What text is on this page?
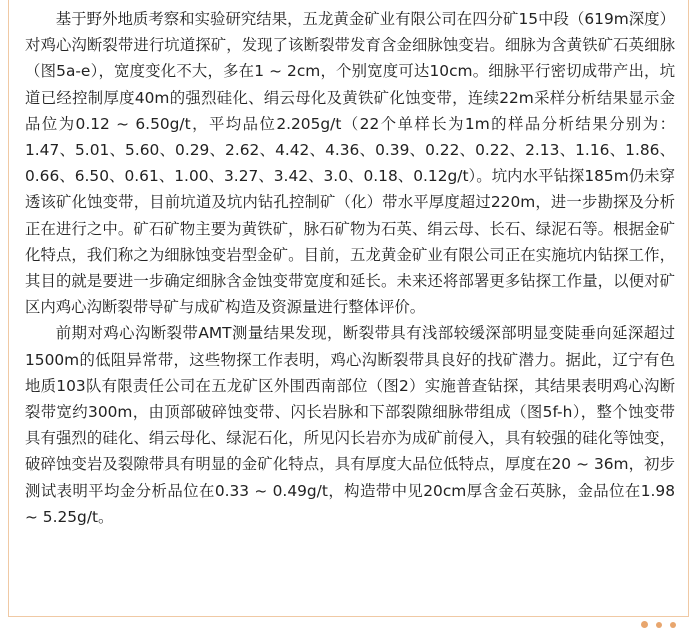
基于野外地质考察和实验研究结果，五龙黄金矿业有限公司在四分矿15中段（619m深度）对鸡心沟断裂带进行坑道探矿，发现了该断裂带发育含金细脉蚀变岩。细脉为含黄铁矿石英细脉（图5a-e），宽度变化不大，多在1 ~ 2cm，个别宽度可达10cm。细脉平行密切成带产出，坑道已经控制厚度40m的强烈硅化、绢云母化及黄铁矿化蚀变带，连续22m采样分析结果显示金品位为0.12 ~ 6.50g/t，平均品位2.205g/t（22个单样长为1m的样品分析结果分别为：1.47、5.01、5.60、0.29、2.62、4.42、4.36、0.39、0.22、0.22、2.13、1.16、1.86、0.66、6.50、0.61、1.00、3.27、3.42、3.0、0.18、0.12g/t）。坑内水平钻探185m仍未穿透该矿化蚀变带，目前坑道及坑内钻孔控制矿（化）带水平厚度超过220m，进一步勘探及分析正在进行之中。矿石矿物主要为黄铁矿，脉石矿物为石英、绢云母、长石、绿泥石等。根据金矿化特点，我们称之为细脉蚀变岩型金矿。目前，五龙黄金矿业有限公司正在实施坑内钻探工作，其目的就是要进一步确定细脉含金蚀变带宽度和延长。未来还将部署更多钻探工作量，以便对矿区内鸡心沟断裂带导矿与成矿构造及资源量进行整体评价。

前期对鸡心沟断裂带AMT测量结果发现，断裂带具有浅部较缓深部明显变陡垂向延深超过1500m的低阻异常带，这些物探工作表明，鸡心沟断裂带具良好的找矿潜力。据此，辽宁有色地质103队有限责任公司在五龙矿区外围西南部位（图2）实施普查钻探，其结果表明鸡心沟断裂带宽约300m，由顶部破碎蚀变带、闪长岩脉和下部裂隙细脉带组成（图5f-h），整个蚀变带具有强烈的硅化、绢云母化、绿泥石化，所见闪长岩亦为成矿前侵入，具有较强的硅化等蚀变，破碎蚀变岩及裂隙带具有明显的金矿化特点，具有厚度大品位低特点，厚度在20 ~ 36m，初步测试表明平均金分析品位在0.33 ~ 0.49g/t，构造带中见20cm厚含金石英脉，金品位在1.98 ~ 5.25g/t。
